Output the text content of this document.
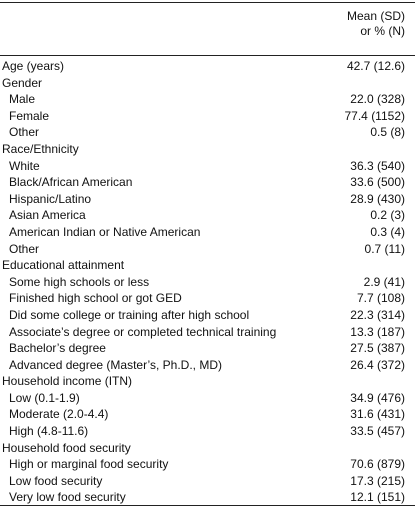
Mean (SD)
or % (N)
Age (years)	42.7 (12.6)
Gender
Male	22.0 (328)
Female	77.4 (1152)
Other	0.5 (8)
Race/Ethnicity
White	36.3 (540)
Black/African American	33.6 (500)
Hispanic/Latino	28.9 (430)
Asian America	0.2 (3)
American Indian or Native American	0.3 (4)
Other	0.7 (11)
Educational attainment
Some high schools or less	2.9 (41)
Finished high school or got GED	7.7 (108)
Did some college or training after high school	22.3 (314)
Associate’s degree or completed technical training	13.3 (187)
Bachelor’s degree	27.5 (387)
Advanced degree (Master’s, Ph.D., MD)	26.4 (372)
Household income (ITN)
Low (0.1-1.9)	34.9 (476)
Moderate (2.0-4.4)	31.6 (431)
High (4.8-11.6)	33.5 (457)
Household food security
High or marginal food security	70.6 (879)
Low food security	17.3 (215)
Very low food security	12.1 (151)
